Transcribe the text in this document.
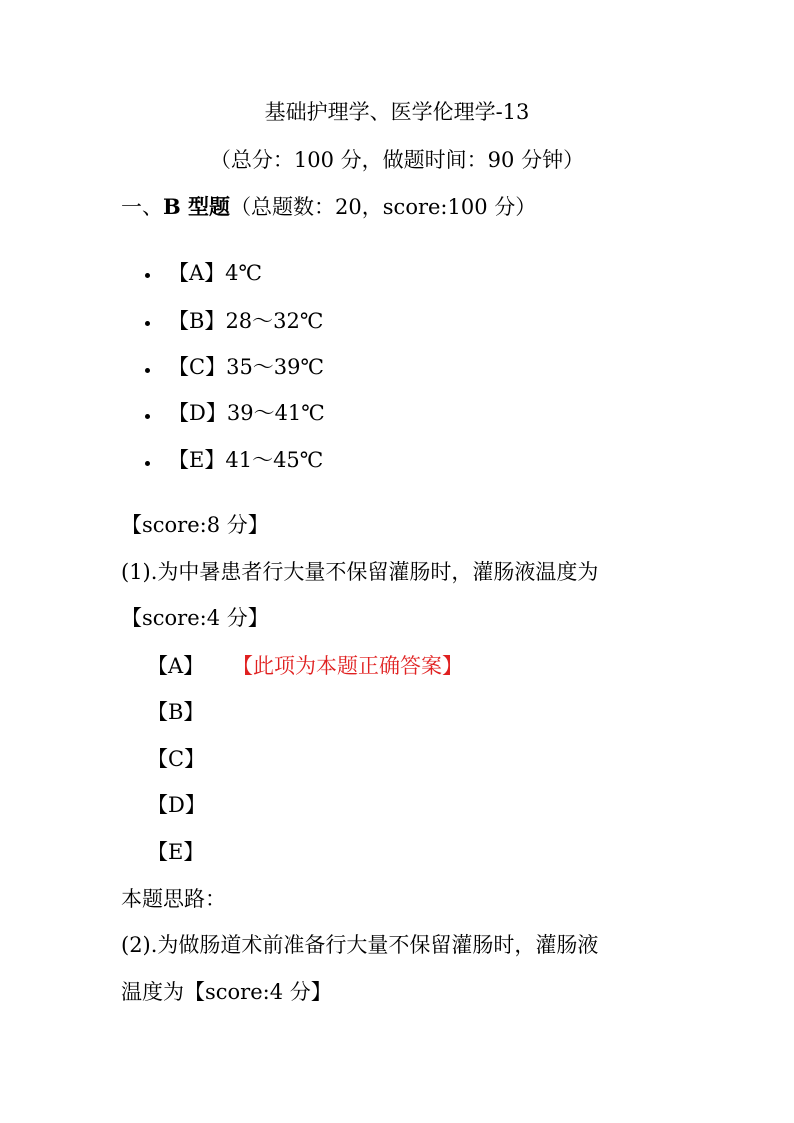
基础护理学、医学伦理学-13
（总分：100 分，做题时间：90 分钟）
一、B 型题（总题数：20，score:100 分）
【A】4℃
【B】28～32℃
【C】35～39℃
【D】39～41℃
【E】41～45℃
【score:8 分】
(1).为中暑患者行大量不保留灌肠时，灌肠液温度为
【score:4 分】
【A】 【此项为本题正确答案】
【B】
【C】
【D】
【E】
本题思路：
(2).为做肠道术前准备行大量不保留灌肠时，灌肠液
温度为【score:4 分】
